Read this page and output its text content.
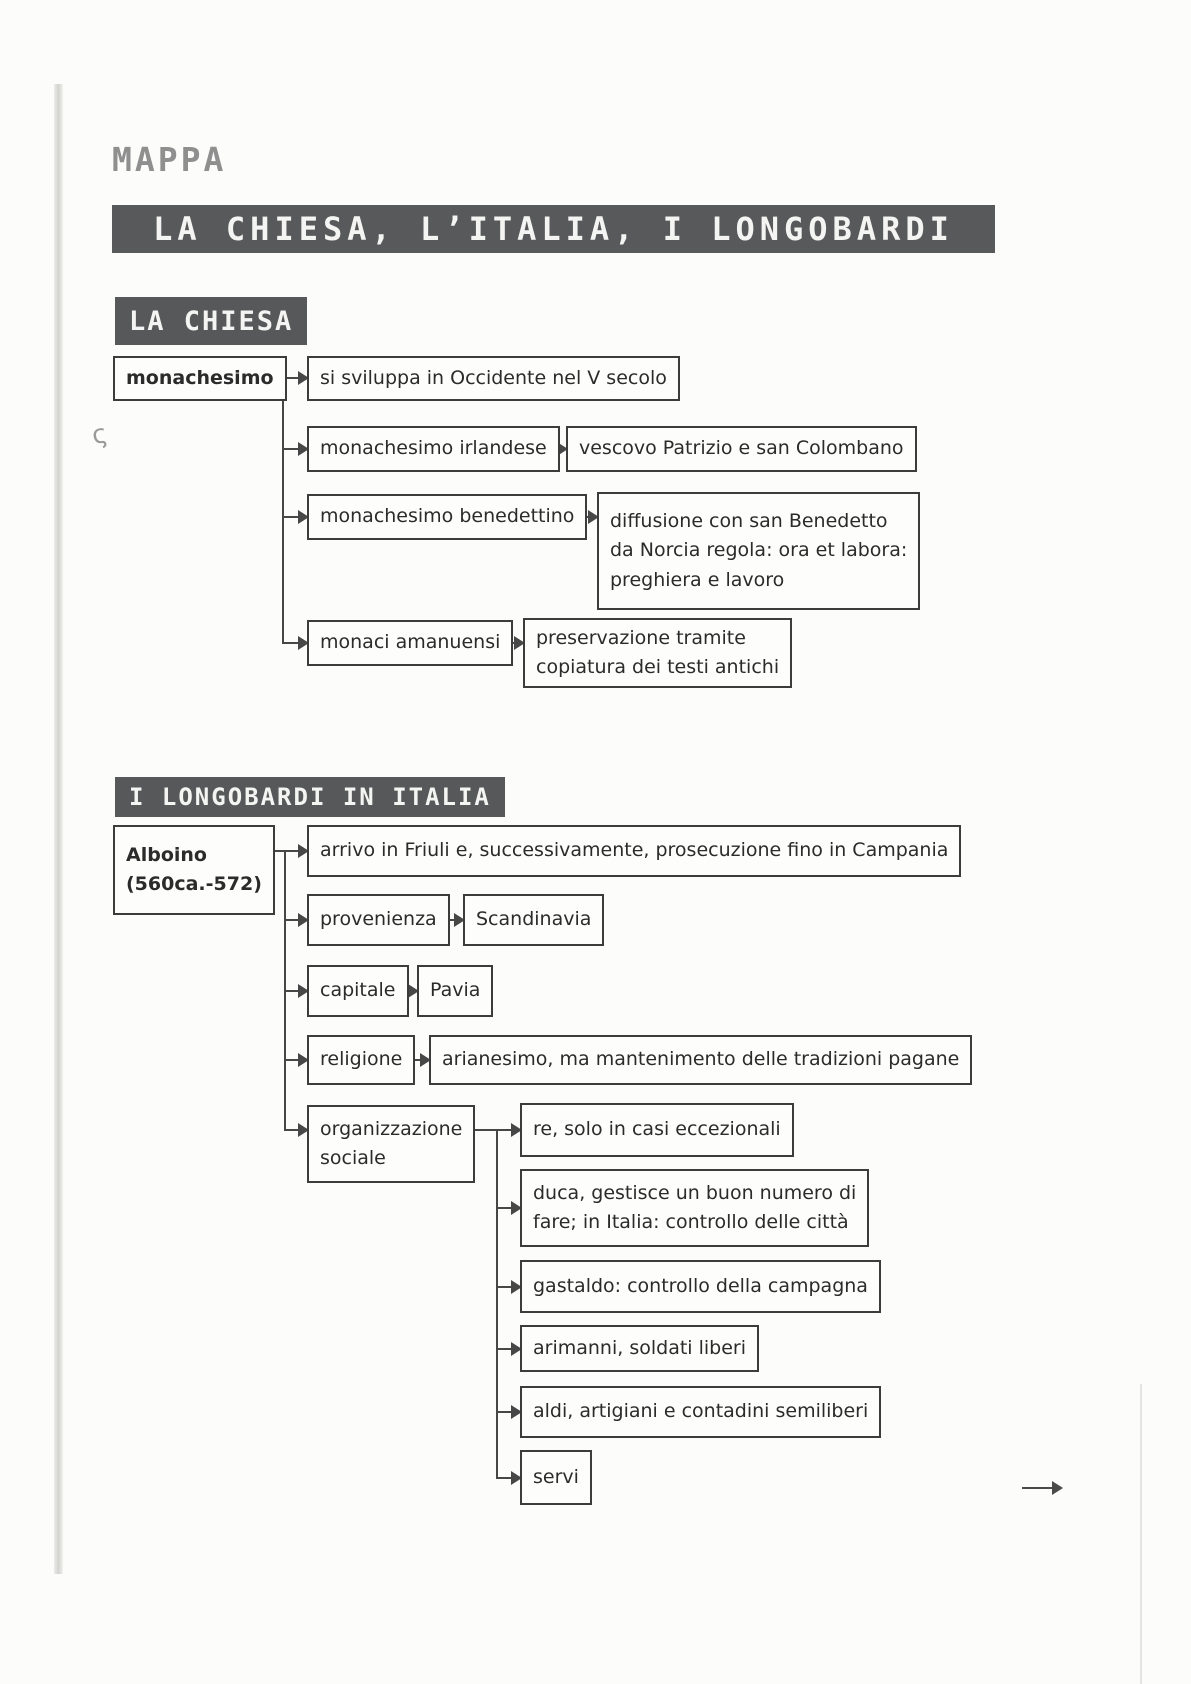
ς
MAPPA
LA CHIESA, L’ITALIA, I LONGOBARDI
LA CHIESA
monachesimo si sviluppa in Occidente nel V secolo
monachesimo irlandese vescovo Patrizio e san Colombano
monachesimo benedettino diffusione con san Benedetto
da Norcia regola: ora et labora:
preghiera e lavoro
monaci amanuensi preservazione tramite
copiatura dei testi antichi
I LONGOBARDI IN ITALIA
Alboino
(560ca.-572)
arrivo in Friuli e, successivamente, prosecuzione fino in Campania
provenienza Scandinavia
capitale Pavia
religione arianesimo, ma mantenimento delle tradizioni pagane
organizzazione
sociale
re, solo in casi eccezionali
duca, gestisce un buon numero di
fare; in Italia: controllo delle città
gastaldo: controllo della campagna
arimanni, soldati liberi
aldi, artigiani e contadini semiliberi
servi
